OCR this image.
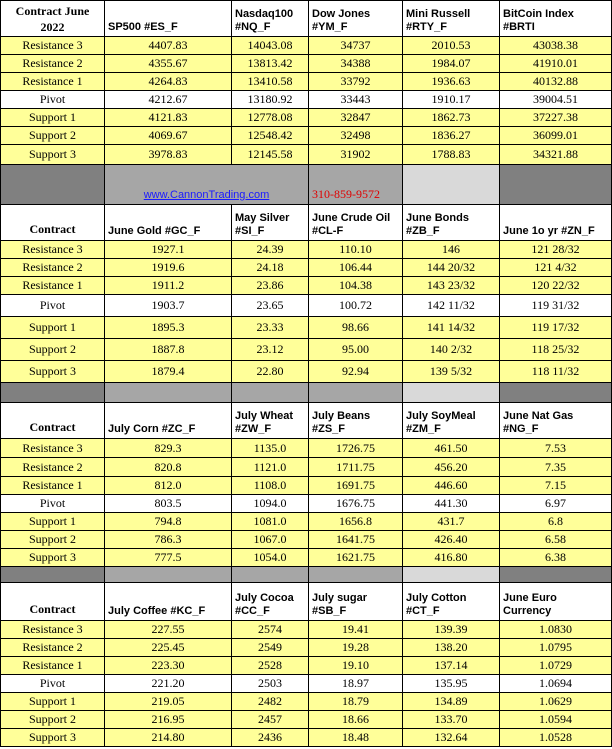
Contract June 2022	SP500 #ES_F	Nasdaq100 #NQ_F	Dow Jones #YM_F	Mini Russell #RTY_F	BitCoin Index #BRTI
Resistance 3	4407.83	14043.08	34737	2010.53	43038.38
Resistance 2	4355.67	13813.42	34388	1984.07	41910.01
Resistance 1	4264.83	13410.58	33792	1936.63	40132.88
Pivot	4212.67	13180.92	33443	1910.17	39004.51
Support 1	4121.83	12778.08	32847	1862.73	37227.38
Support 2	4069.67	12548.42	32498	1836.27	36099.01
Support 3	3978.83	12145.58	31902	1788.83	34321.88
	www.CannonTrading.com		310-859-9572		
Contract	June Gold #GC_F	May Silver #SI_F	June Crude Oil #CL-F	June Bonds #ZB_F	June 1o yr #ZN_F
Resistance 3	1927.1	24.39	110.10	146	121 28/32
Resistance 2	1919.6	24.18	106.44	144 20/32	121 4/32
Resistance 1	1911.2	23.86	104.38	143 23/32	120 22/32
Pivot	1903.7	23.65	100.72	142 11/32	119 31/32
Support 1	1895.3	23.33	98.66	141 14/32	119 17/32
Support 2	1887.8	23.12	95.00	140 2/32	118 25/32
Support 3	1879.4	22.80	92.94	139 5/32	118 11/32

Contract	July Corn #ZC_F	July Wheat #ZW_F	July Beans #ZS_F	July SoyMeal #ZM_F	June Nat Gas #NG_F
Resistance 3	829.3	1135.0	1726.75	461.50	7.53
Resistance 2	820.8	1121.0	1711.75	456.20	7.35
Resistance 1	812.0	1108.0	1691.75	446.60	7.15
Pivot	803.5	1094.0	1676.75	441.30	6.97
Support 1	794.8	1081.0	1656.8	431.7	6.8
Support 2	786.3	1067.0	1641.75	426.40	6.58
Support 3	777.5	1054.0	1621.75	416.80	6.38

Contract	July Coffee #KC_F	July Cocoa #CC_F	July sugar #SB_F	July Cotton #CT_F	June Euro Currency
Resistance 3	227.55	2574	19.41	139.39	1.0830
Resistance 2	225.45	2549	19.28	138.20	1.0795
Resistance 1	223.30	2528	19.10	137.14	1.0729
Pivot	221.20	2503	18.97	135.95	1.0694
Support 1	219.05	2482	18.79	134.89	1.0629
Support 2	216.95	2457	18.66	133.70	1.0594
Support 3	214.80	2436	18.48	132.64	1.0528
